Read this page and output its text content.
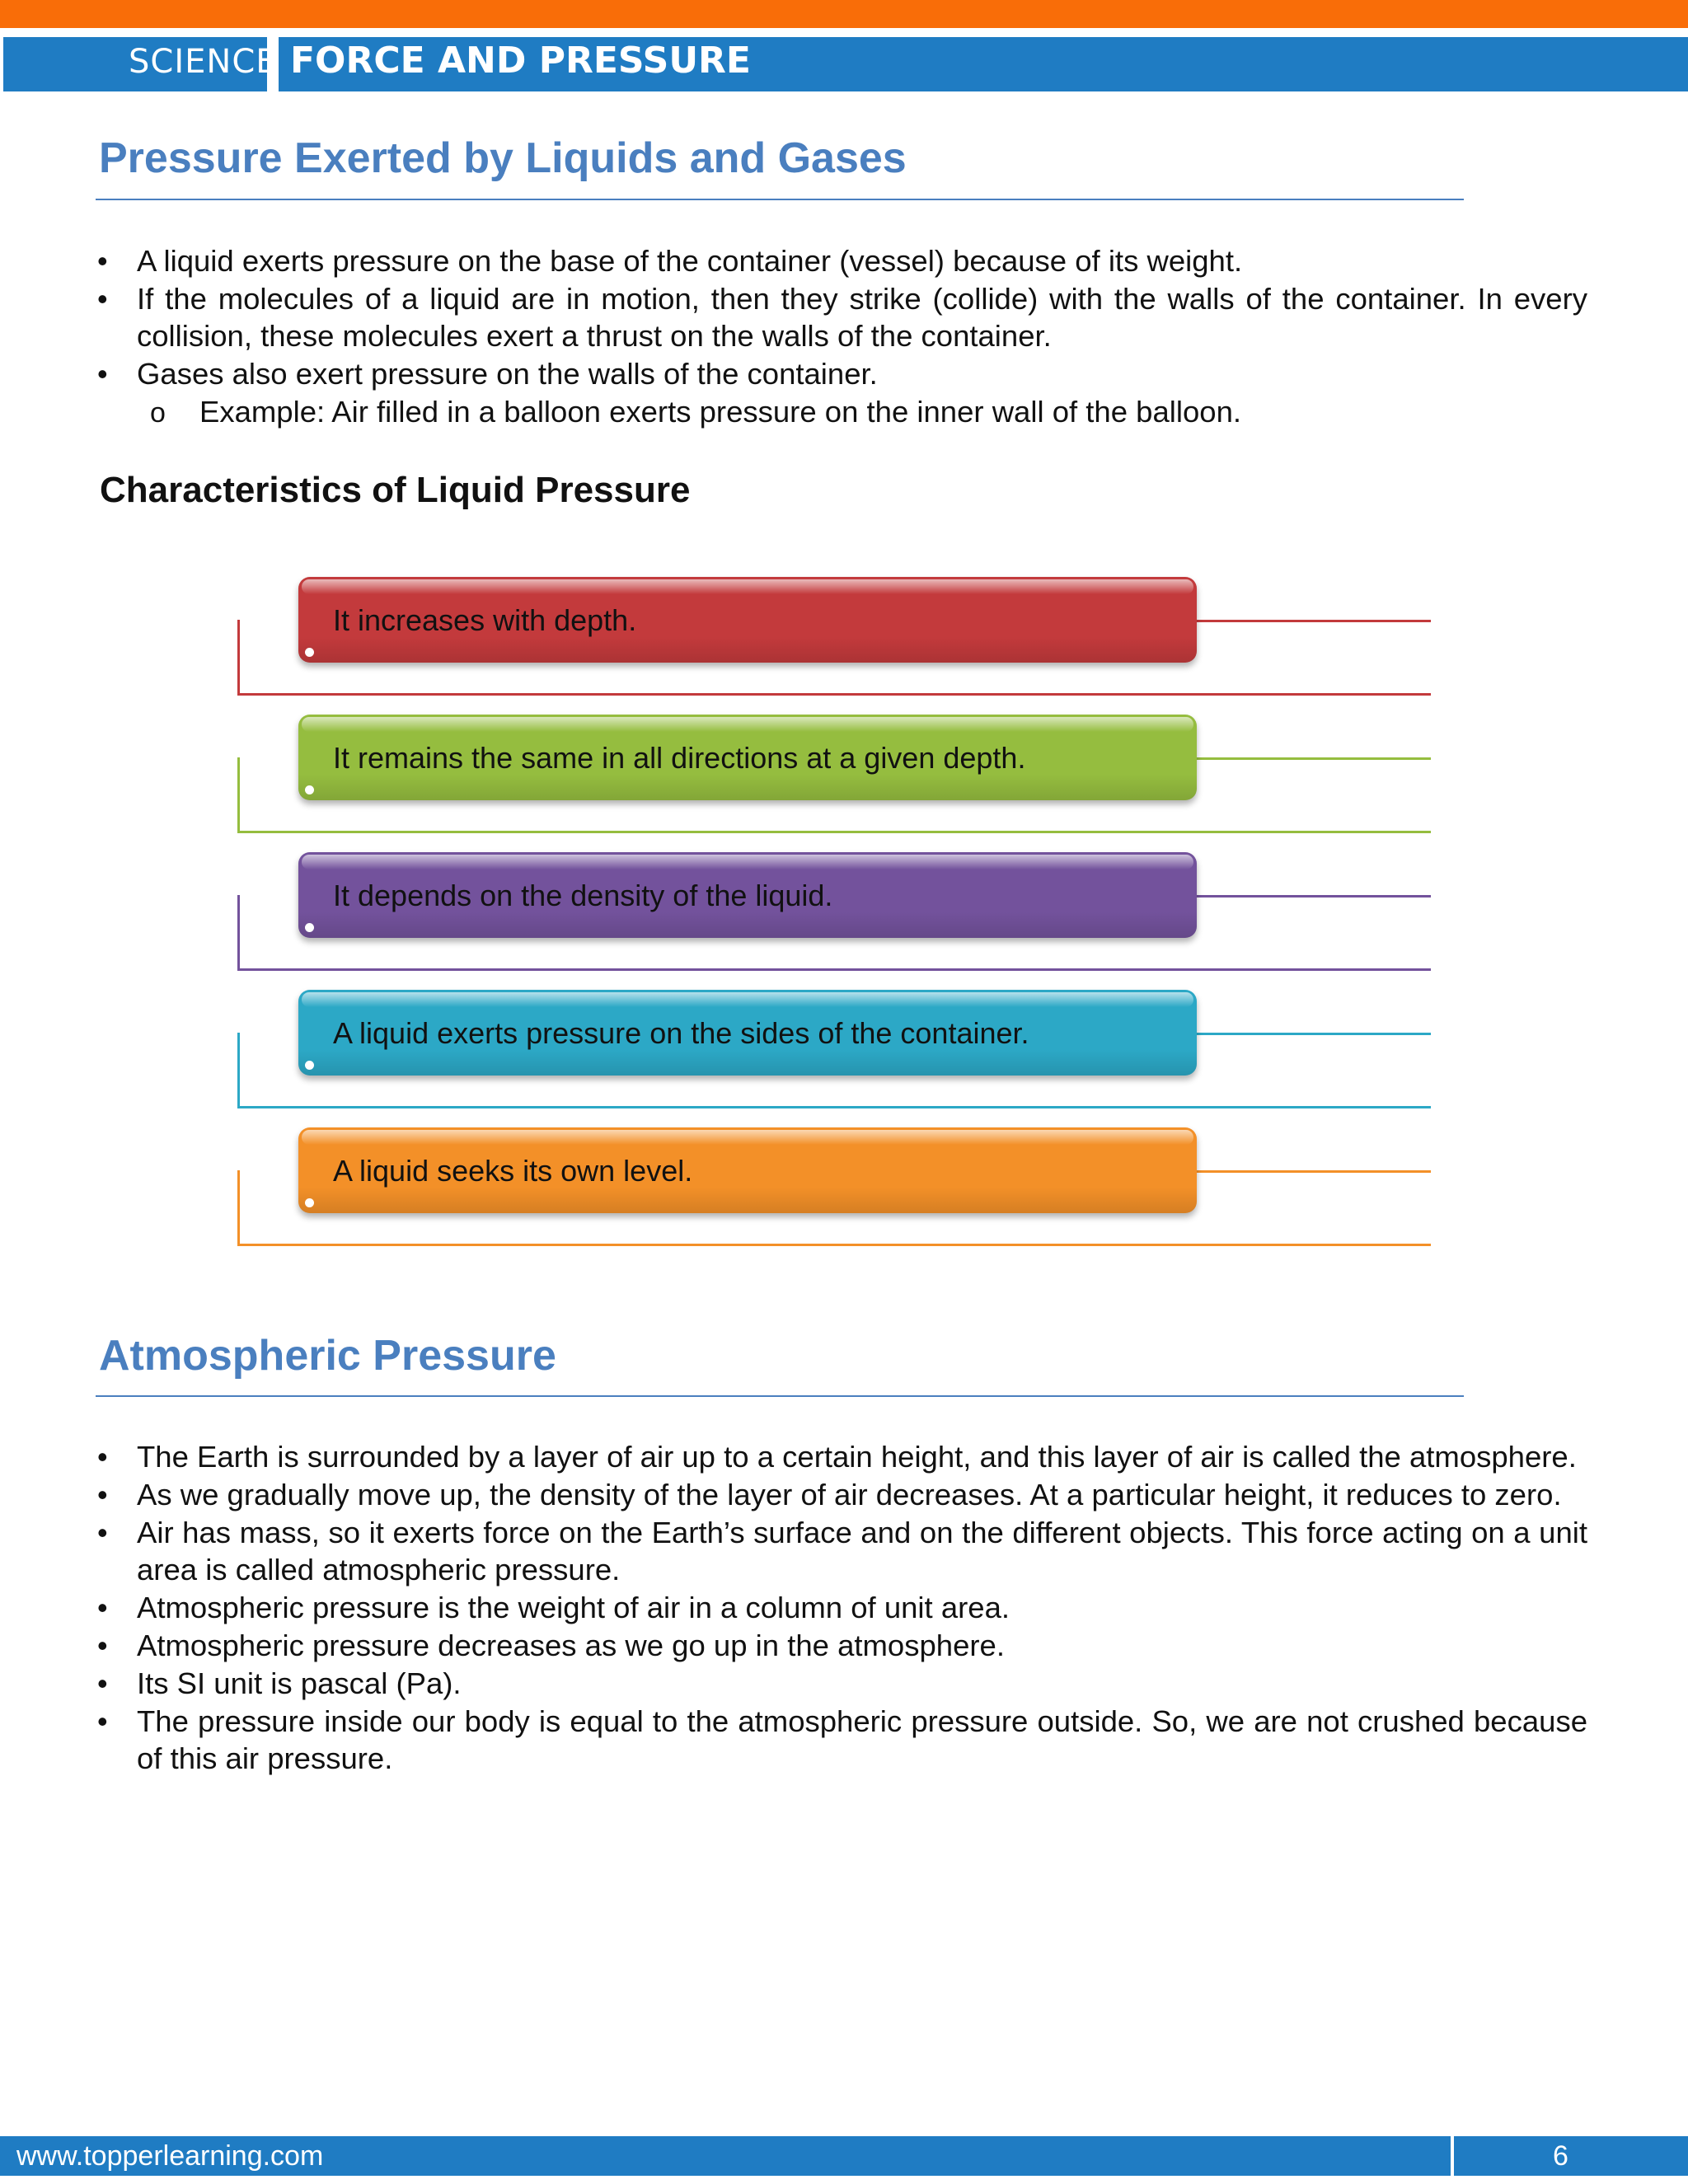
SCIENCE FORCE AND PRESSURE
Pressure Exerted by Liquids and Gases
• A liquid exerts pressure on the base of the container (vessel) because of its weight.
• If the molecules of a liquid are in motion, then they strike (collide) with the walls of the container. In every collision, these molecules exert a thrust on the walls of the container.
• Gases also exert pressure on the walls of the container.
o Example: Air filled in a balloon exerts pressure on the inner wall of the balloon.
Characteristics of Liquid Pressure
It increases with depth.
It remains the same in all directions at a given depth.
It depends on the density of the liquid.
A liquid exerts pressure on the sides of the container.
A liquid seeks its own level.
Atmospheric Pressure
• The Earth is surrounded by a layer of air up to a certain height, and this layer of air is called the atmosphere.
• As we gradually move up, the density of the layer of air decreases. At a particular height, it reduces to zero.
• Air has mass, so it exerts force on the Earth’s surface and on the different objects. This force acting on a unit area is called atmospheric pressure.
• Atmospheric pressure is the weight of air in a column of unit area.
• Atmospheric pressure decreases as we go up in the atmosphere.
• Its SI unit is pascal (Pa).
• The pressure inside our body is equal to the atmospheric pressure outside. So, we are not crushed because of this air pressure.
www.topperlearning.com	6
